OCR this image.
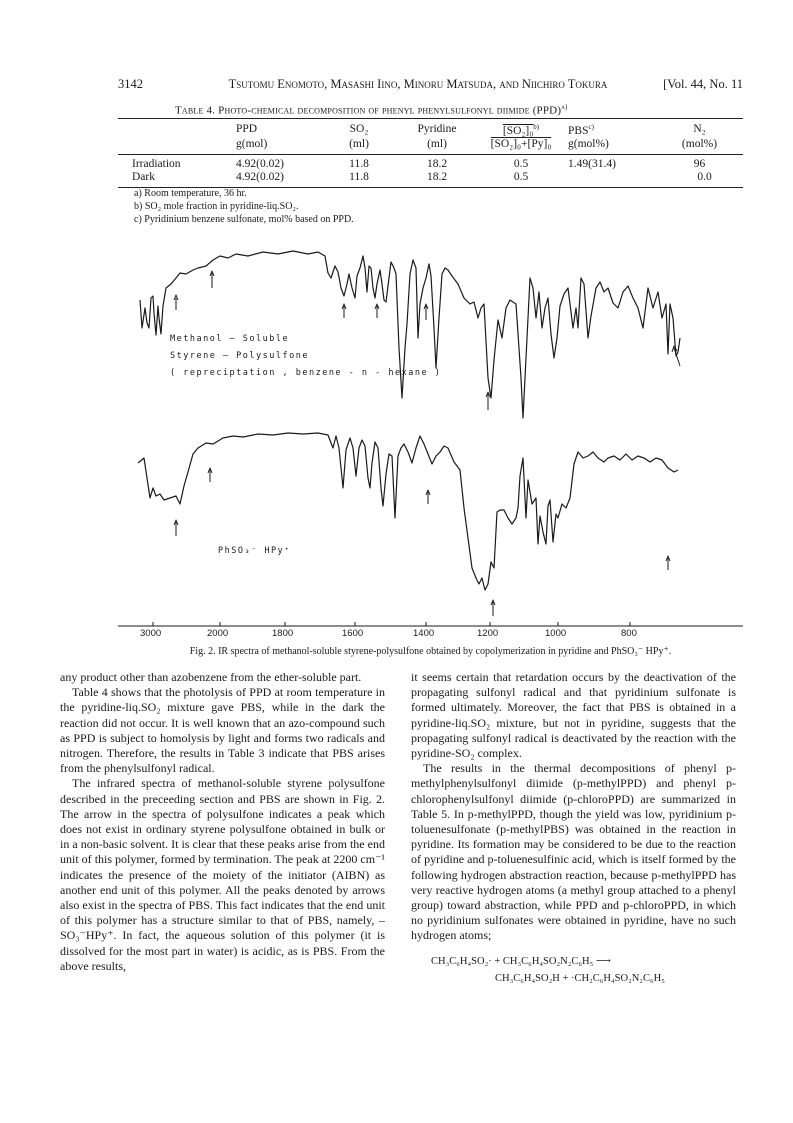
3142	Tsutomu Enomoto, Masashi Iino, Minoru Matsuda, and Niichiro Tokura	[Vol. 44, No. 11
Table 4. Photo-chemical decomposition of phenyl phenylsulfonyl diimide (PPD)$^{a)}$
	PPD	SO₂	Pyridine	[SO₂]₀$^{b)}$	PBS$^{c)}$	N₂
	g(mol)	(ml)	(ml)	[SO₂]₀+[Py]₀	g(mol%)	(mol%)
Irradiation	4.92(0.02)	11.8	18.2	0.5	1.49(31.4)	96
Dark	4.92(0.02)	11.8	18.2	0.5		0.0
a) Room temperature, 36 hr.
b) SO₂ mole fraction in pyridine-liq.SO₂.
c) Pyridinium benzene sulfonate, mol% based on PPD.
Methanol – Soluble
Styrene — Polysulfone
( repreciptation , benzene - n - hexane )
PhSO₃⁻ HPy⁺
3000	2000	1800	1600	1400	1200	1000	800
Fig. 2. IR spectra of methanol-soluble styrene-polysulfone obtained by copolymerization in pyridine and PhSO₃⁻ HPy⁺.

any product other than azobenzene from the ether-soluble part.

Table 4 shows that the photolysis of PPD at room temperature in the pyridine-liq.SO₂ mixture gave PBS, while in the dark the reaction did not occur. It is well known that an azo-compound such as PPD is subject to homolysis by light and forms two radicals and nitrogen. Therefore, the results in Table 3 indicate that PBS arises from the phenylsulfonyl radical.

The infrared spectra of methanol-soluble styrene polysulfone described in the preceeding section and PBS are shown in Fig. 2. The arrow in the spectra of polysulfone indicates a peak which does not exist in ordinary styrene polysulfone obtained in bulk or in a non-basic solvent. It is clear that these peaks arise from the end unit of this polymer, formed by termination. The peak at 2200 cm⁻¹ indicates the presence of the moiety of the initiator (AIBN) as another end unit of this polymer. All the peaks denoted by arrows also exist in the spectra of PBS. This fact indicates that the end unit of this polymer has a structure similar to that of PBS, namely, –SO₃⁻HPy⁺. In fact, the aqueous solution of this polymer (it is dissolved for the most part in water) is acidic, as is PBS. From the above results,

it seems certain that retardation occurs by the deactivation of the propagating sulfonyl radical and that pyridinium sulfonate is formed ultimately. Moreover, the fact that PBS is obtained in a pyridine-liq.SO₂ mixture, but not in pyridine, suggests that the propagating sulfonyl radical is deactivated by the reaction with the pyridine-SO₂ complex.

The results in the thermal decompositions of phenyl p-methylphenylsulfonyl diimide (p-methylPPD) and phenyl p-chlorophenylsulfonyl diimide (p-chloroPPD) are summarized in Table 5. In p-methylPPD, though the yield was low, pyridinium p-toluenesulfonate (p-methylPBS) was obtained in the reaction in pyridine. Its formation may be considered to be due to the reaction of pyridine and p-toluenesulfinic acid, which is itself formed by the following hydrogen abstraction reaction, because p-methylPPD has very reactive hydrogen atoms (a methyl group attached to a phenyl group) toward abstraction, while PPD and p-chloroPPD, in which no pyridinium sulfonates were obtained in pyridine, have no such hydrogen atoms;

CH₃C₆H₄SO₂· + CH₃C₆H₄SO₂N₂C₆H₅ ⟶
CH₃C₆H₄SO₂H + ·CH₂C₆H₄SO₂N₂C₆H₅
